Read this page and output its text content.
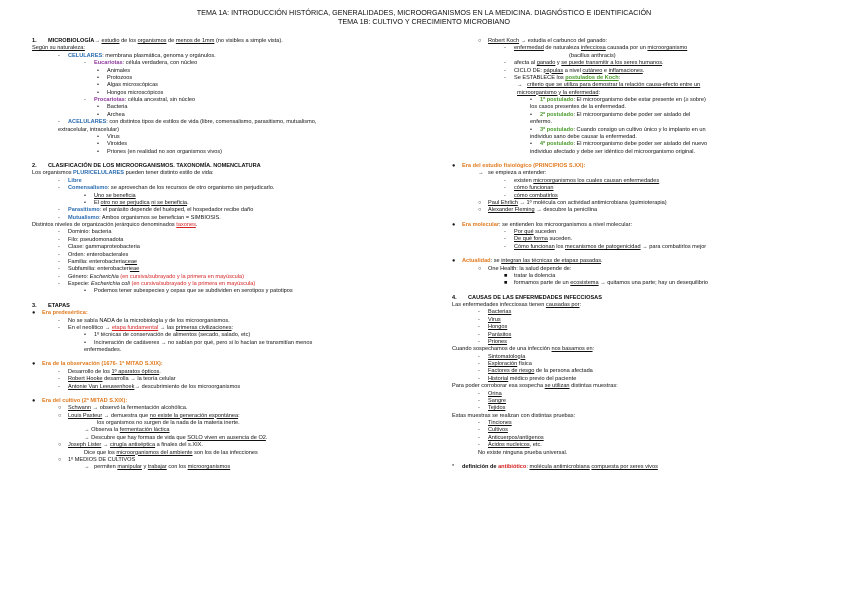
TEMA 1A: INTRODUCCIÓN HISTÓRICA, GENERALIDADES, MICROORGANISMOS EN LA MEDICINA. DIAGNÓSTICO E IDENTIFICACIÓN
TEMA 1B: CULTIVO Y CRECIMIENTO MICROBIANO
1. MICROBIOLOGÍA→ estudio de los organismos de menos de 1mm (no visibles a simple vista).
Según su naturaleza:
- CELULARES: membrana plasmática, genoma y orgánulos.
- Eucariotas: célula verdadera, con núcleo
• Animales
• Protozoos
• Algas microscópicas
• Hongos microscópicos
- Procariotas: célula ancestral, sin núcleo
• Bacteria
• Archea
- ACELULARES: con distintos tipos de estilos de vida (libre, comensalismo, parasitismo, mutualismo,
extracelular, intracelular)
• Virus
• Viroides
• Priones (en realidad no son organismos vivos)
2. CLASIFICACIÓN DE LOS MICROORGANISMOS. TAXONOMÍA. NOMENCLATURA
Los organismos PLURICELULARES pueden tener distinto estilo de vida:
- Libre
- Comensalismo: se aprovechan de los recursos de otro organismo sin perjudicarlo.
• Uno se beneficia
• El otro no se perjudica ni se beneficia.
- Parasitismo: el parásito depende del huésped, el hospedador recibe daño
- Mutualismo: Ambos organismos se benefician = SIMBIOSIS.
Distintos niveles de organización jerárquico denominados taxones.
- Dominio: bacteria
- Filo: pseudomonadota
- Clase: gammaproteobacteria
- Orden: enterobacterales
- Familia: enterobacteriaceae
- Subfamilia: enterobacterieae
- Género: Escherichia (en cursiva/subrayado y la primera en mayúscula)
- Especie: Escherichia coli (en cursiva/subrayado y la primera en mayúscula)
• Podemos tener subespecies y cepas que se subdividen en serotipos y patotipos
3. ETAPAS
● Era predesértica:
- No se sabía NADA de la microbiología y de los microorganismos.
- En el neolítico → etapa fundamental → las primeras civilizaciones:
• 1º técnicas de conservación de alimentos (secado, salado, etc)
• Incineración de cadáveres → no sabían por qué, pero si lo hacían se transmitían menos
enfermedades.
● Era de la observación (1676- 1ª MITAD S.XIX):
- Desarrollo de los 1º aparatos ópticos.
- Robert Hooke desarrolla → la teoría celular
- Antonie Van Leeuwenhoek→ descubrimiento de los microorganismos
● Era del cultivo (2ª MITAD S.XIX):
○ Schwann → observó la fermentación alcohólica.
○ Louis Pasteur → demuestra que no existe la generación espontánea:
los organismos no surgen de la nada de la materia inerte.
→ Observa la fermentación láctica
→ Descubre que hay formas de vida que SOLO viven en ausencia de O2.
○ Joseph Lister → cirugía antiséptica a finales del s.XIX.
Dice que los microorganismos del ambiente son los de las infecciones
○ 1º MEDIOS DE CULTIVOS
→ permiten manipular y trabajar con los microorganismos
○ Robert Koch → estudia el carbunco del ganado:
- enfermedad de naturaleza infecciosa causada por un microorganismo
(bacillus anthracis)
- afecta al ganado y se puede transmitir a los seres humanos.
- CICLO DE: pápulas a nivel cutáneo e inflamaciones.
- Se ESTABLECE los postulados de Koch:
→ criterio que se utiliza para demostrar la relación causa-efecto entre un
microorganismo y la enfermedad:
• 1º postulado: El microorganismo debe estar presente en (≥ sobre)
los casos presentes de la enfermedad.
• 2º postulado: El microorganismo debe poder ser aislado del
enfermo.
• 3º postulado: Cuando consigo un cultivo único y lo implanto en un
individuo sano debe causar la enfermedad.
• 4º postulado: El microorganismo debe poder ser aislado del nuevo
individuo afectado y debe ser idéntico del microorganismo original.
● Era del estudio fisiológico (PRINCIPIOS S.XX):
→ se empieza a entender:
- existen microorganismos los cuales causan enfermedades
- cómo funcionan
- cómo combatirlos
○ Paul Ehrlich → 1º molécula con actividad antimicrobiana (quimioterapia)
○ Alexander Fleming → descubre la penicilina
● Era molecular: se entienden los microorganismos a nivel molecular:
- Por qué suceden
- De qué forma suceden.
- Cómo funcionan los mecanismos de patogenicidad → para combatirlos mejor
● Actualidad: se integran las técnicas de etapas pasadas.
○ One Health: la salud depende de:
■ tratar la dolencia
■ formamos parte de un ecosistema → quitamos una parte; hay un desequilibrio
4. CAUSAS DE LAS ENFERMEDADES INFECCIOSAS
Las enfermedades infecciosas tienen causadas por:
- Bacterias
- Virus
- Hongos
- Parásitos
- Priones
Cuando sospechamos de una infección nos basamos en:
- Sintomatología
- Exploración física
- Factores de riesgo de la persona afectada
- Historial médico previo del paciente
Para poder corroborar esa sospecha se utilizan distintas muestras:
- Orina
- Sangre
- Tejidos
Estas muestras se realizan con distintas pruebas:
- Tinciones
- Cultivos
- Anticuerpos/antígenos
- Ácidos nucleicos, etc.
No existe ninguna prueba universal.
* definición de antibiótico: molécula antimicrobiana compuesta por seres vivos
